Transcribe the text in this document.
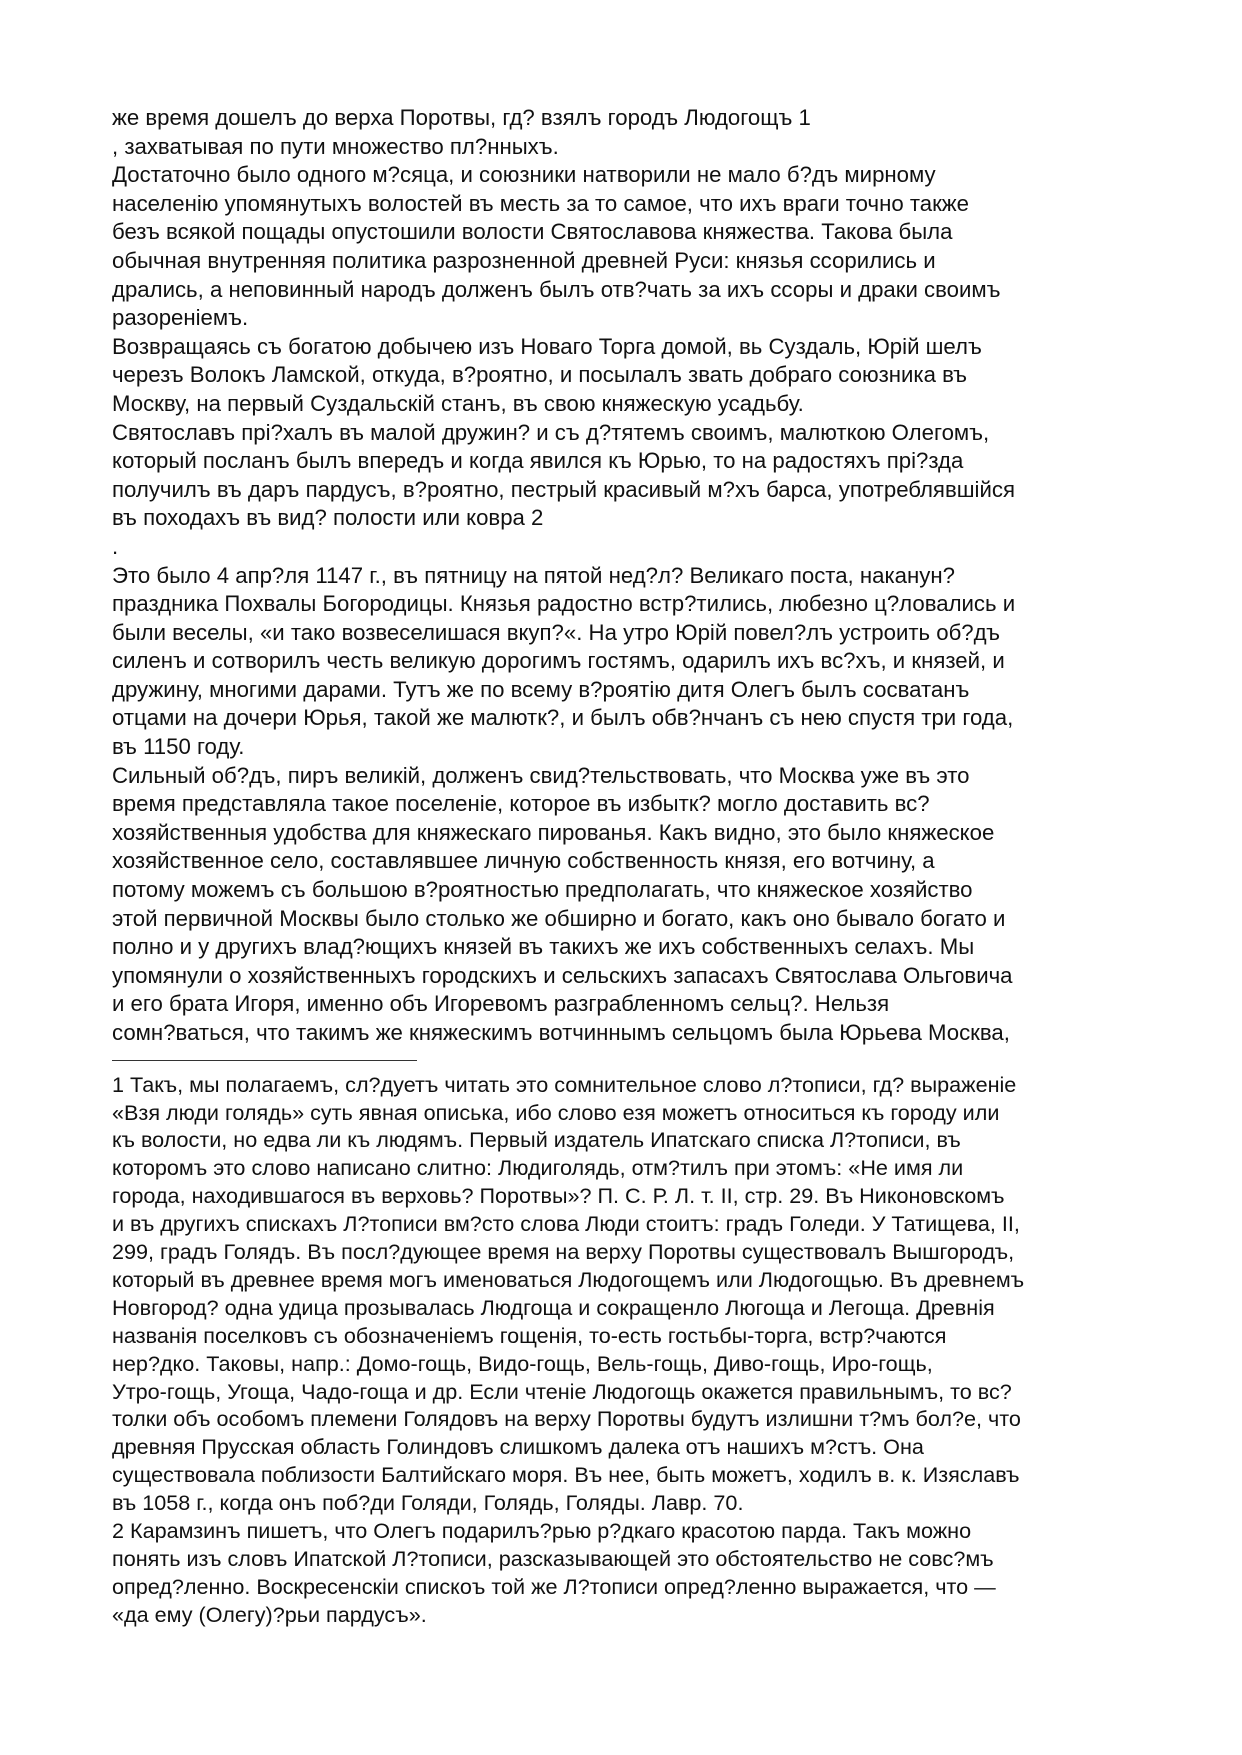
же время дошелъ до верха Поротвы, гд? взялъ городъ Людогощъ 1
, захватывая по пути множество пл?нныхъ.
Достаточно было одного м?сяца, и союзники натворили не мало б?дъ мирному
населенію упомянутыхъ волостей въ месть за то самое, что ихъ враги точно также
безъ всякой пощады опустошили волости Святославова княжества. Такова была
обычная внутренняя политика разрозненной древней Руси: князья ссорились и
дрались, а неповинный народъ долженъ былъ отв?чать за ихъ ссоры и драки своимъ
разореніемъ.
Возвращаясь съ богатою добычею изъ Новаго Торга домой, вь Суздаль, Юрій шелъ
черезъ Волокъ Ламской, откуда, в?роятно, и посылалъ звать добраго союзника въ
Москву, на первый Суздальскій станъ, въ свою княжескую усадьбу.
Святославъ прі?халъ въ малой дружин? и съ д?тятемъ своимъ, малюткою Олегомъ,
который посланъ былъ впередъ и когда явился къ Юрью, то на радостяхъ прі?зда
получилъ въ даръ пардусъ, в?роятно, пестрый красивый м?хъ барса, употреблявшійся
въ походахъ въ вид? полости или ковра 2
.
Это было 4 апр?ля 1147 г., въ пятницу на пятой нед?л? Великаго поста, наканун?
праздника Похвалы Богородицы. Князья радостно встр?тились, любезно ц?ловались и
были веселы, «и тако возвеселишася вкуп?«. На утро Юрій повел?лъ устроить об?дъ
силенъ и сотворилъ честь великую дорогимъ гостямъ, одарилъ ихъ вс?хъ, и князей, и
дружину, многими дарами. Тутъ же по всему в?роятію дитя Олегъ былъ сосватанъ
отцами на дочери Юрья, такой же малютк?, и былъ обв?нчанъ съ нею спустя три года,
въ 1150 году.
Сильный об?дъ, пиръ великій, долженъ свид?тельствовать, что Москва уже въ это
время представляла такое поселеніе, которое въ избытк? могло доставить вс?
хозяйственныя удобства для княжескаго пированья. Какъ видно, это было княжеское
хозяйственное село, составлявшее личную собственность князя, его вотчину, а
потому можемъ съ большою в?роятностью предполагать, что княжеское хозяйство
этой первичной Москвы было столько же обширно и богато, какъ оно бывало богато и
полно и у другихъ влад?ющихъ князей въ такихъ же ихъ собственныхъ селахъ. Мы
упомянули о хозяйственныхъ городскихъ и сельскихъ запасахъ Святослава Ольговича
и его брата Игоря, именно объ Игоревомъ разграбленномъ сельц?. Нельзя
сомн?ваться, что такимъ же княжескимъ вотчиннымъ сельцомъ была Юрьева Москва,
1 Такъ, мы полагаемъ, сл?дуетъ читать это сомнительное слово л?тописи, гд? выраженіе
«Взя люди голядь» суть явная описька, ибо слово езя можетъ относиться къ городу или
къ волости, но едва ли къ людямъ. Первый издатель Ипатскаго списка Л?тописи, въ
которомъ это слово написано слитно: Людиголядь, отм?тилъ при этомъ: «Не имя ли
города, находившагося въ верховь? Поротвы»? П. С. Р. Л. т. II, стр. 29. Въ Никоновскомъ
и въ другихъ спискахъ Л?тописи вм?сто слова Люди стоитъ: градъ Голеди. У Татищева, II,
299, градъ Голядъ. Въ посл?дующее время на верху Поротвы существовалъ Вышгородъ,
который въ древнее время могъ именоваться Людогощемъ или Людогощью. Въ древнемъ
Новгород? одна удица прозывалась Людгоща и сокращенло Люгоща и Легоща. Древнія
названія поселковъ съ обозначеніемъ гощенія, то-есть гостьбы-торга, встр?чаются
нер?дко. Таковы, напр.: Домо-гощь, Видо-гощь, Вель-гощь, Диво-гощь, Иро-гощь,
Утро-гощь, Угоща, Чадо-гоща и др. Если чтеніе Людогощь окажется правильнымъ, то вс?
толки объ особомъ племени Голядовъ на верху Поротвы будутъ излишни т?мъ бол?е, что
древняя Прусская область Голиндовъ слишкомъ далека отъ нашихъ м?стъ. Она
существовала поблизости Балтийскаго моря. Въ нее, быть можетъ, ходилъ в. к. Изяславъ
въ 1058 г., когда онъ поб?ди Голяди, Голядь, Голяды. Лавр. 70.
2 Карамзинъ пишетъ, что Олегъ подарилъ?рью р?дкаго красотою парда. Такъ можно
понять изъ словъ Ипатской Л?тописи, разсказывающей это обстоятельство не совс?мъ
опред?ленно. Воскресенскіи спискоъ той же Л?тописи опред?ленно выражается, что —
«да ему (Олегу)?рьи пардусъ».
